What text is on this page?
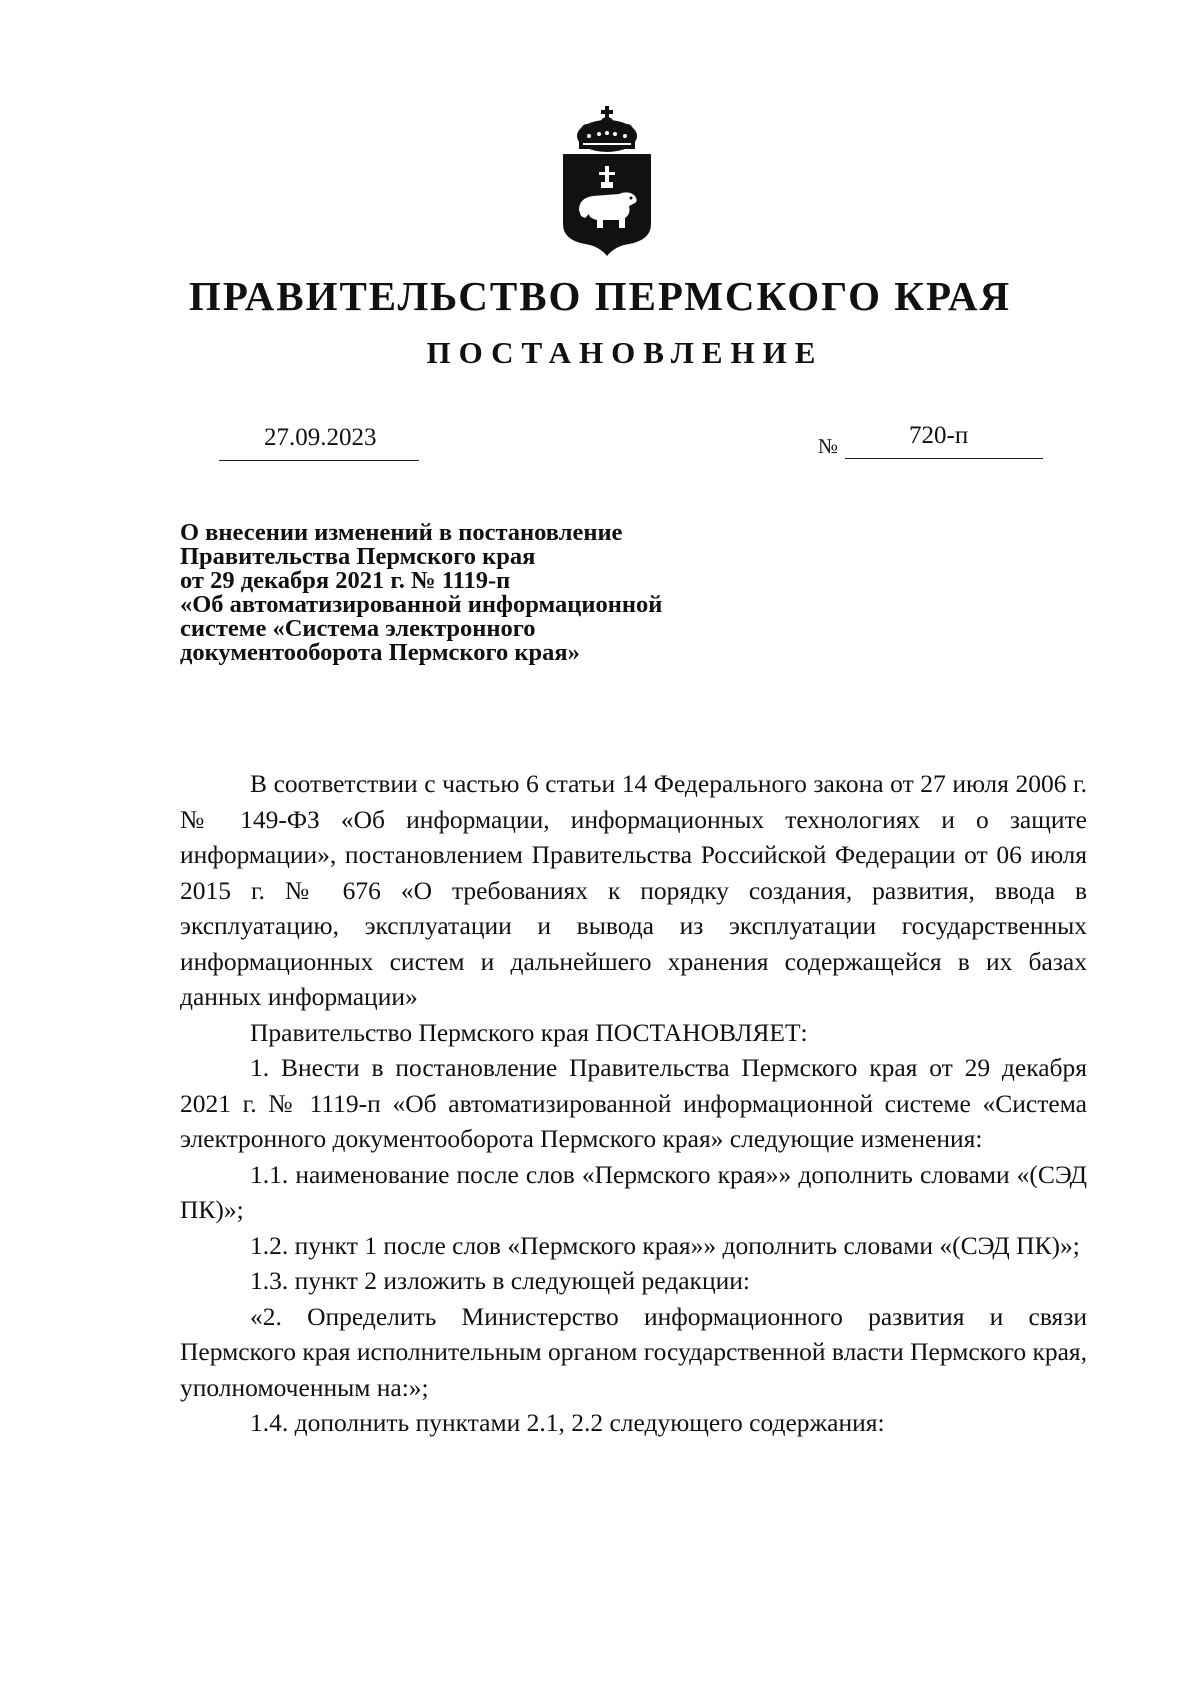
ПРАВИТЕЛЬСТВО ПЕРМСКОГО КРАЯ
ПОСТАНОВЛЕНИЕ
27.09.2023	№	720-п
О внесении изменений в постановление
Правительства Пермского края
от 29 декабря 2021 г. № 1119-п
«Об автоматизированной информационной
системе «Система электронного
документооборота Пермского края»

В соответствии с частью 6 статьи 14 Федерального закона от 27 июля 2006 г. № 149-ФЗ «Об информации, информационных технологиях и о защите информации», постановлением Правительства Российской Федерации от 06 июля 2015 г. № 676 «О требованиях к порядку создания, развития, ввода в эксплуатацию, эксплуатации и вывода из эксплуатации государственных информационных систем и дальнейшего хранения содержащейся в их базах данных информации»

Правительство Пермского края ПОСТАНОВЛЯЕТ:

1. Внести в постановление Правительства Пермского края от 29 декабря 2021 г. № 1119-п «Об автоматизированной информационной системе «Система электронного документооборота Пермского края» следующие изменения:

1.1. наименование после слов «Пермского края»» дополнить словами «(СЭД ПК)»;

1.2. пункт 1 после слов «Пермского края»» дополнить словами «(СЭД ПК)»;

1.3. пункт 2 изложить в следующей редакции:

«2. Определить Министерство информационного развития и связи Пермского края исполнительным органом государственной власти Пермского края, уполномоченным на:»;

1.4. дополнить пунктами 2.1, 2.2 следующего содержания:
